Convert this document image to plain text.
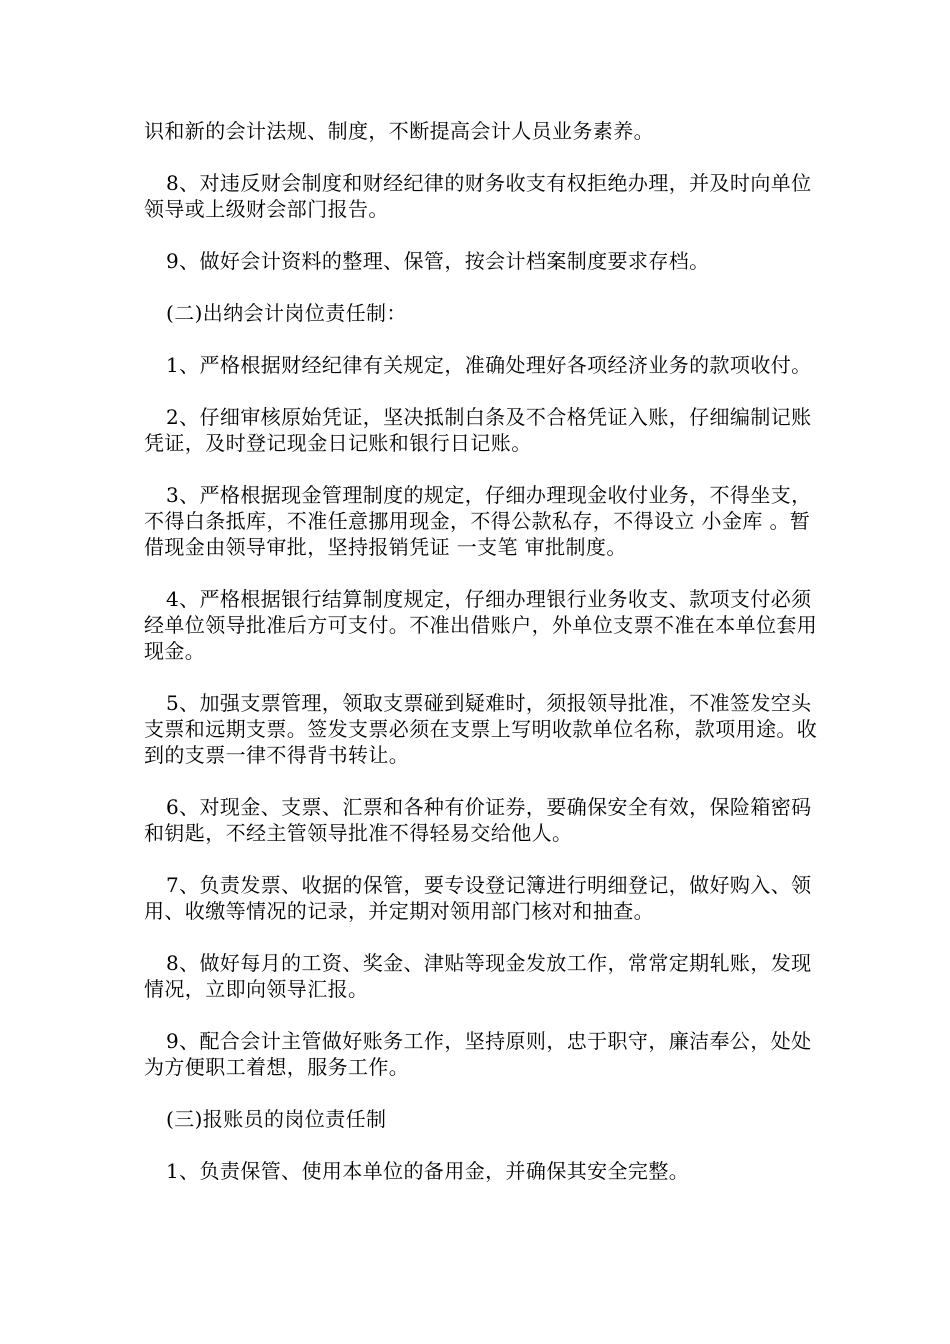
识和新的会计法规、制度，不断提高会计人员业务素养。

8、对违反财会制度和财经纪律的财务收支有权拒绝办理，并及时向单位领导或上级财会部门报告。

9、做好会计资料的整理、保管，按会计档案制度要求存档。

(二)出纳会计岗位责任制：

1、严格根据财经纪律有关规定，准确处理好各项经济业务的款项收付。

2、仔细审核原始凭证，坚决抵制白条及不合格凭证入账，仔细编制记账凭证，及时登记现金日记账和银行日记账。

3、严格根据现金管理制度的规定，仔细办理现金收付业务，不得坐支，不得白条抵库，不准任意挪用现金，不得公款私存，不得设立 小金库 。暂借现金由领导审批，坚持报销凭证 一支笔 审批制度。

4、严格根据银行结算制度规定，仔细办理银行业务收支、款项支付必须经单位领导批准后方可支付。不准出借账户，外单位支票不准在本单位套用现金。

5、加强支票管理，领取支票碰到疑难时，须报领导批准，不准签发空头支票和远期支票。签发支票必须在支票上写明收款单位名称，款项用途。收到的支票一律不得背书转让。

6、对现金、支票、汇票和各种有价证券，要确保安全有效，保险箱密码和钥匙，不经主管领导批准不得轻易交给他人。

7、负责发票、收据的保管，要专设登记簿进行明细登记，做好购入、领用、收缴等情况的记录，并定期对领用部门核对和抽查。

8、做好每月的工资、奖金、津贴等现金发放工作，常常定期轧账，发现情况，立即向领导汇报。

9、配合会计主管做好账务工作，坚持原则，忠于职守，廉洁奉公，处处为方便职工着想，服务工作。

(三)报账员的岗位责任制

1、负责保管、使用本单位的备用金，并确保其安全完整。
